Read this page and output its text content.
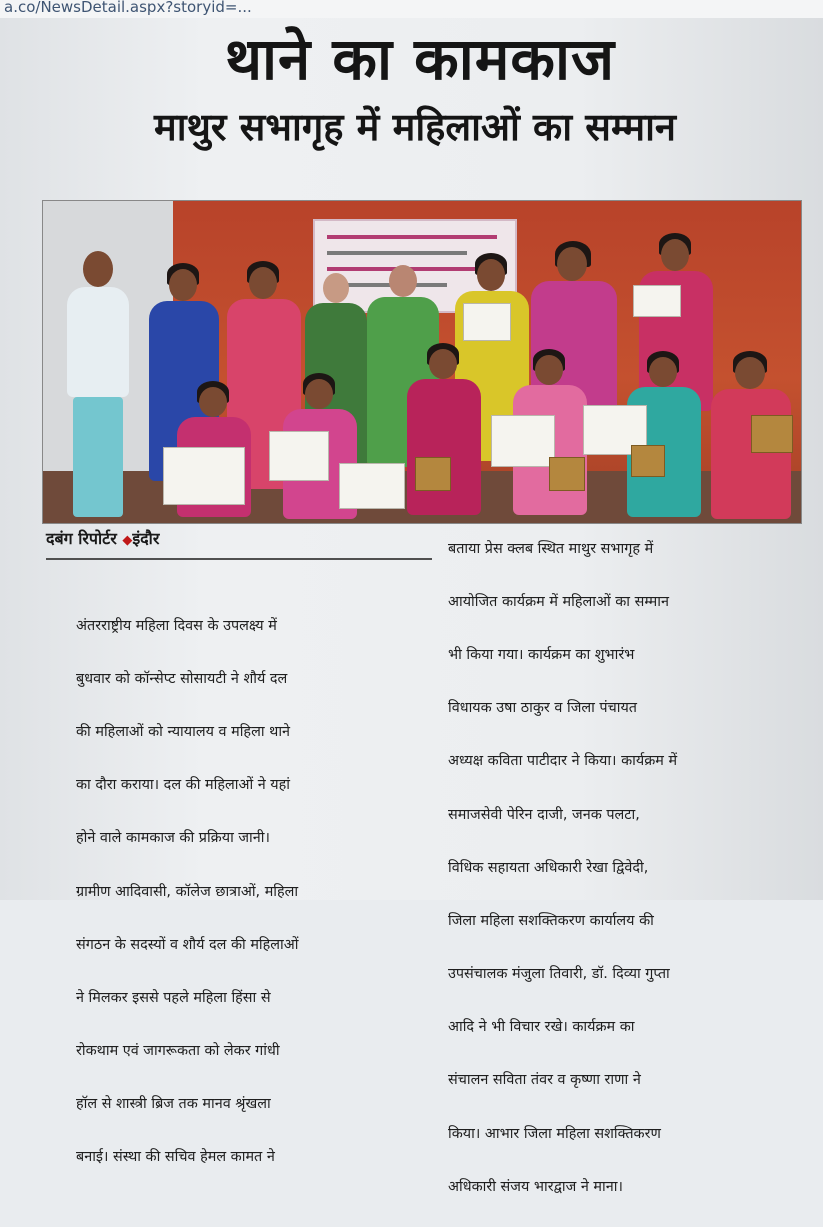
a.co/NewsDetail.aspx?storyid=...
थाने का कामकाज
माथुर सभागृह में महिलाओं का सम्मान
दबंग रिपोर्टर ◆इंदौर

अंतरराष्ट्रीय महिला दिवस के उपलक्ष्य में

बुधवार को कॉन्सेप्ट सोसायटी ने शौर्य दल

की महिलाओं को न्यायालय व महिला थाने

का दौरा कराया। दल की महिलाओं ने यहां

होने वाले कामकाज की प्रक्रिया जानी।

ग्रामीण आदिवासी, कॉलेज छात्राओं, महिला

संगठन के सदस्यों व शौर्य दल की महिलाओं

ने मिलकर इससे पहले महिला हिंसा से

रोकथाम एवं जागरूकता को लेकर गांधी

हॉल से शास्त्री ब्रिज तक मानव श्रृंखला

बनाई। संस्था की सचिव हेमल कामत ने

बताया प्रेस क्लब स्थित माथुर सभागृह में

आयोजित कार्यक्रम में महिलाओं का सम्मान

भी किया गया। कार्यक्रम का शुभारंभ

विधायक उषा ठाकुर व जिला पंचायत

अध्यक्ष कविता पाटीदार ने किया। कार्यक्रम में

समाजसेवी पेरिन दाजी, जनक पलटा,

विधिक सहायता अधिकारी रेखा द्विवेदी,

जिला महिला सशक्तिकरण कार्यालय की

उपसंचालक मंजुला तिवारी, डॉ. दिव्या गुप्ता

आदि ने भी विचार रखे। कार्यक्रम का

संचालन सविता तंवर व कृष्णा राणा ने

किया। आभार जिला महिला सशक्तिकरण

अधिकारी संजय भारद्वाज ने माना।
